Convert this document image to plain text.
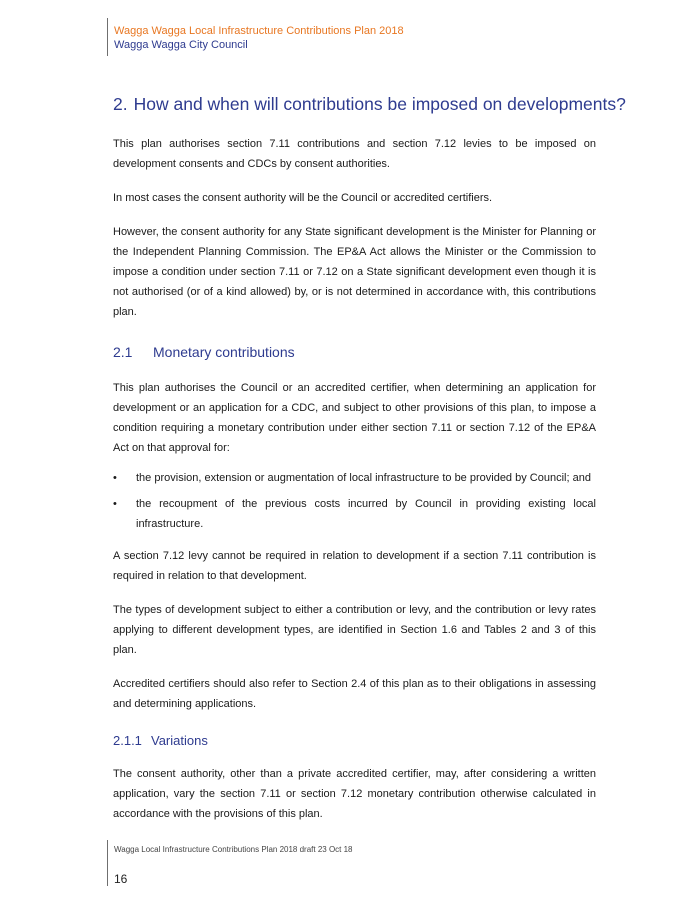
Wagga Wagga Local Infrastructure Contributions Plan 2018
Wagga Wagga City Council
2. How and when will contributions be imposed on developments?

This plan authorises section 7.11 contributions and section 7.12 levies to be imposed on development consents and CDCs by consent authorities.

In most cases the consent authority will be the Council or accredited certifiers.

However, the consent authority for any State significant development is the Minister for Planning or the Independent Planning Commission. The EP&A Act allows the Minister or the Commission to impose a condition under section 7.11 or 7.12 on a State significant development even though it is not authorised (or of a kind allowed) by, or is not determined in accordance with, this contributions plan.

2.1 Monetary contributions

This plan authorises the Council or an accredited certifier, when determining an application for development or an application for a CDC, and subject to other provisions of this plan, to impose a condition requiring a monetary contribution under either section 7.11 or section 7.12 of the EP&A Act on that approval for:

• the provision, extension or augmentation of local infrastructure to be provided by Council; and
• the recoupment of the previous costs incurred by Council in providing existing local infrastructure.

A section 7.12 levy cannot be required in relation to development if a section 7.11 contribution is required in relation to that development.

The types of development subject to either a contribution or levy, and the contribution or levy rates applying to different development types, are identified in Section 1.6 and Tables 2 and 3 of this plan.

Accredited certifiers should also refer to Section 2.4 of this plan as to their obligations in assessing and determining applications.

2.1.1 Variations

The consent authority, other than a private accredited certifier, may, after considering a written application, vary the section 7.11 or section 7.12 monetary contribution otherwise calculated in accordance with the provisions of this plan.

Wagga Local Infrastructure Contributions Plan 2018 draft 23 Oct 18
16
